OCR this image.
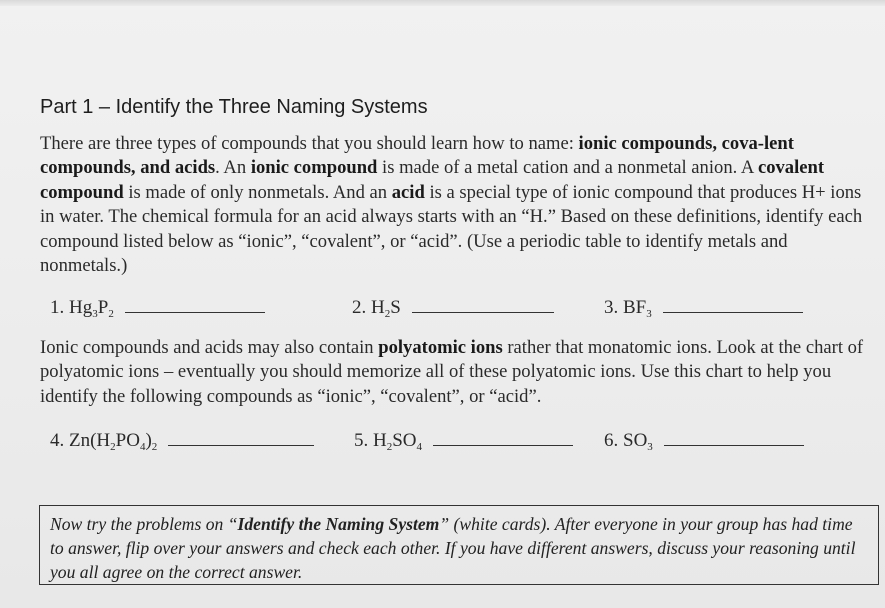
Part 1 – Identify the Three Naming Systems

There are three types of compounds that you should learn how to name: ionic compounds, cova-lent compounds, and acids. An ionic compound is made of a metal cation and a nonmetal anion. A covalent compound is made of only nonmetals. And an acid is a special type of ionic compound that produces H+ ions in water. The chemical formula for an acid always starts with an “H.” Based on these definitions, identify each compound listed below as “ionic”, “covalent”, or “acid”. (Use a periodic table to identify metals and nonmetals.)

1. $Hg_3P_2$	2. $H_2S$	3. $BF_3$

Ionic compounds and acids may also contain polyatomic ions rather that monatomic ions. Look at the chart of polyatomic ions – eventually you should memorize all of these polyatomic ions. Use this chart to help you identify the following compounds as “ionic”, “covalent”, or “acid”.

4. $Zn(H_2PO_4)_2$	5. $H_2SO_4$	6. $SO_3$

Now try the problems on “Identify the Naming System” (white cards). After everyone in your group has had time to answer, flip over your answers and check each other. If you have different answers, discuss your reasoning until you all agree on the correct answer.
